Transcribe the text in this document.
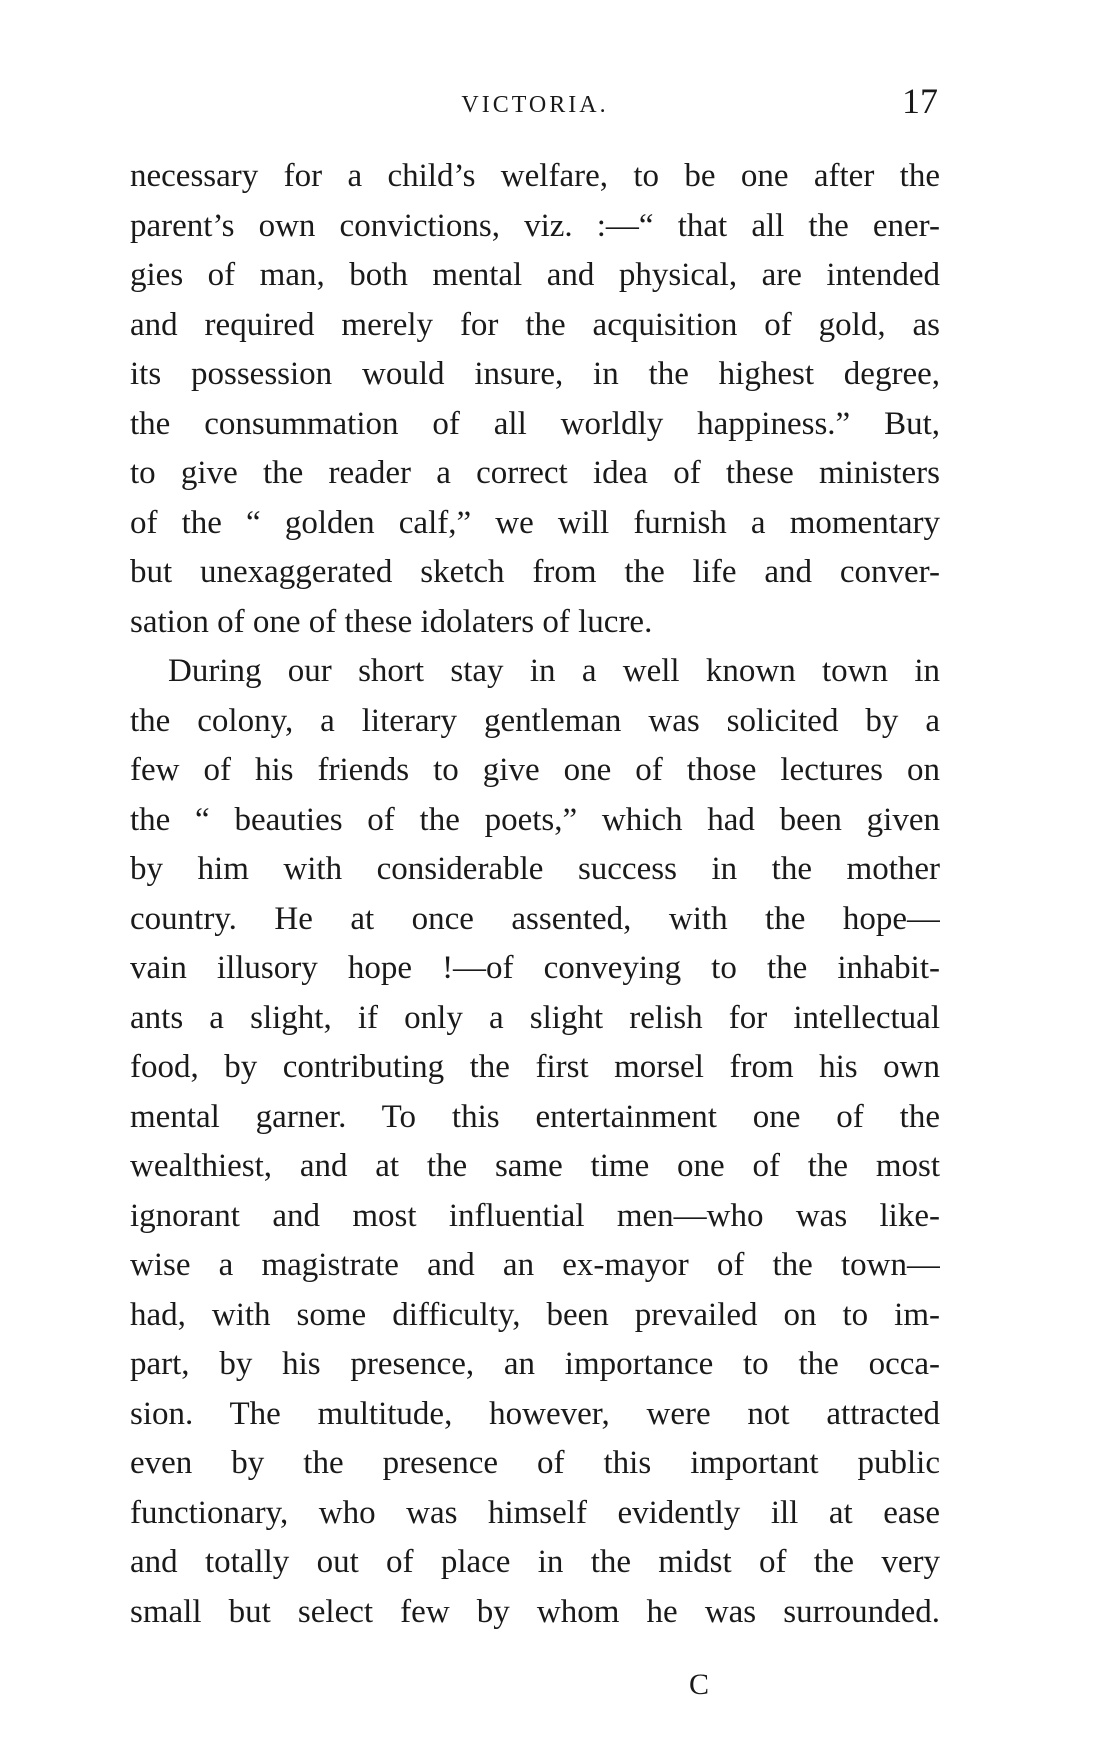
VICTORIA.	17
necessary for a child’s welfare, to be one after the
parent’s own convictions, viz. :—“ that all the ener-
gies of man, both mental and physical, are intended
and required merely for the acquisition of gold, as
its possession would insure, in the highest degree,
the consummation of all worldly happiness.” But,
to give the reader a correct idea of these ministers
of the “ golden calf,” we will furnish a momentary
but unexaggerated sketch from the life and conver-
sation of one of these idolaters of lucre.
During our short stay in a well known town in
the colony, a literary gentleman was solicited by a
few of his friends to give one of those lectures on
the “ beauties of the poets,” which had been given
by him with considerable success in the mother
country. He at once assented, with the hope—
vain illusory hope !—of conveying to the inhabit-
ants a slight, if only a slight relish for intellectual
food, by contributing the first morsel from his own
mental garner. To this entertainment one of the
wealthiest, and at the same time one of the most
ignorant and most influential men—who was like-
wise a magistrate and an ex-mayor of the town—
had, with some difficulty, been prevailed on to im-
part, by his presence, an importance to the occa-
sion. The multitude, however, were not attracted
even by the presence of this important public
functionary, who was himself evidently ill at ease
and totally out of place in the midst of the very
small but select few by whom he was surrounded.
C
